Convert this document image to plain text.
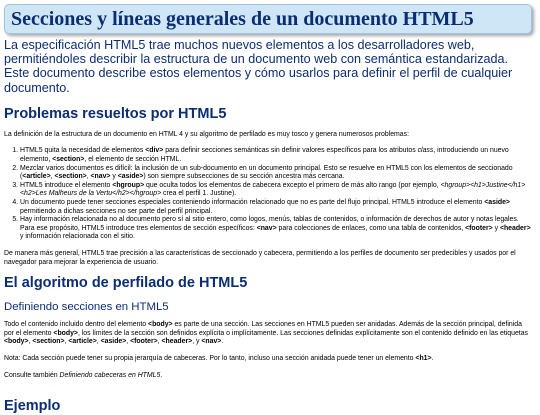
Secciones y líneas generales de un documento HTML5

La especificación HTML5 trae muchos nuevos elementos a los desarrolladores web, permitiéndoles describir la estructura de un documento web con semántica estandarizada. Este documento describe estos elementos y cómo usarlos para definir el perfil de cualquier documento.

Problemas resueltos por HTML5

La definición de la estructura de un documento en HTML 4 y su algoritmo de perfilado es muy tosco y genera numerosos problemas:

1. HTML5 quita la necesidad de elementos <div> para definir secciones semánticas sin definir valores específicos para los atributos class, introduciendo un nuevo elemento, <section>, el elemento de sección HTML.
2. Mezclar varios documentos es difícil: la inclusión de un sub-documento en un documento principal. Esto se resuelve en HTML5 con los elementos de seccionado (<article>, <section>, <nav> y <aside>) son siempre subsecciones de su sección ancestra más cercana.
3. HTML5 introduce el elemento <hgroup> que oculta todos los elementos de cabecera excepto el primero de más alto rango (por ejemplo, <hgroup><h1>Justine</h1><h2>Les Malheurs de la Vertu</h2></hgroup> crea el perfil 1. Justine).
4. Un documento puede tener secciones especiales conteniendo información relacionado que no es parte del flujo principal. HTML5 introduce el elemento <aside> permitiendo a dichas secciones no ser parte del perfil principal.
5. Hay información relacionada no al documento pero sí al sitio entero, como logos, menús, tablas de contenidos, o información de derechos de autor y notas legales. Para ese propósito, HTML5 introduce tres elementos de sección específicos: <nav> para colecciones de enlaces, como una tabla de contenidos, <footer> y <header> y información relacionada con el sitio.

De manera más general, HTML5 trae precisión a las características de seccionado y cabecera, permitiendo a los perfiles de documento ser predecibles y usados por el navegador para mejorar la experiencia de usuario.

El algoritmo de perfilado de HTML5
Definiendo secciones en HTML5

Todo el contenido incluido dentro del elemento <body> es parte de una sección. Las secciones en HTML5 pueden ser anidadas. Además de la sección principal, definida por el elemento <body>, los límites de la sección son definidos explícita o implícitamente. Las secciones definidas explícitamente son el contenido definido en las etiquetas <body>, <section>, <article>, <aside>, <footer>, <header>, y <nav>.

Nota: Cada sección puede tener su propia jerarquía de cabeceras. Por lo tanto, incluso una sección anidada puede tener un elemento <h1>.

Consulte también Definiendo cabeceras en HTML5.

Ejemplo
